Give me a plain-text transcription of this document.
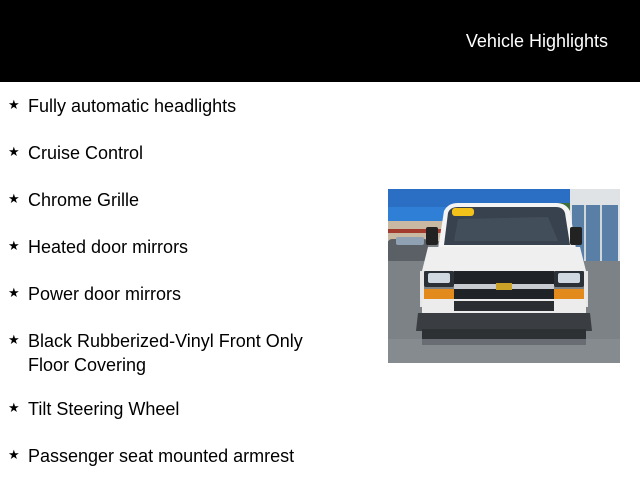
Vehicle Highlights
★ Fully automatic headlights
★ Cruise Control
★ Chrome Grille
★ Heated door mirrors
★ Power door mirrors
★ Black Rubberized-Vinyl Front Only Floor Covering
★ Tilt Steering Wheel
★ Passenger seat mounted armrest
